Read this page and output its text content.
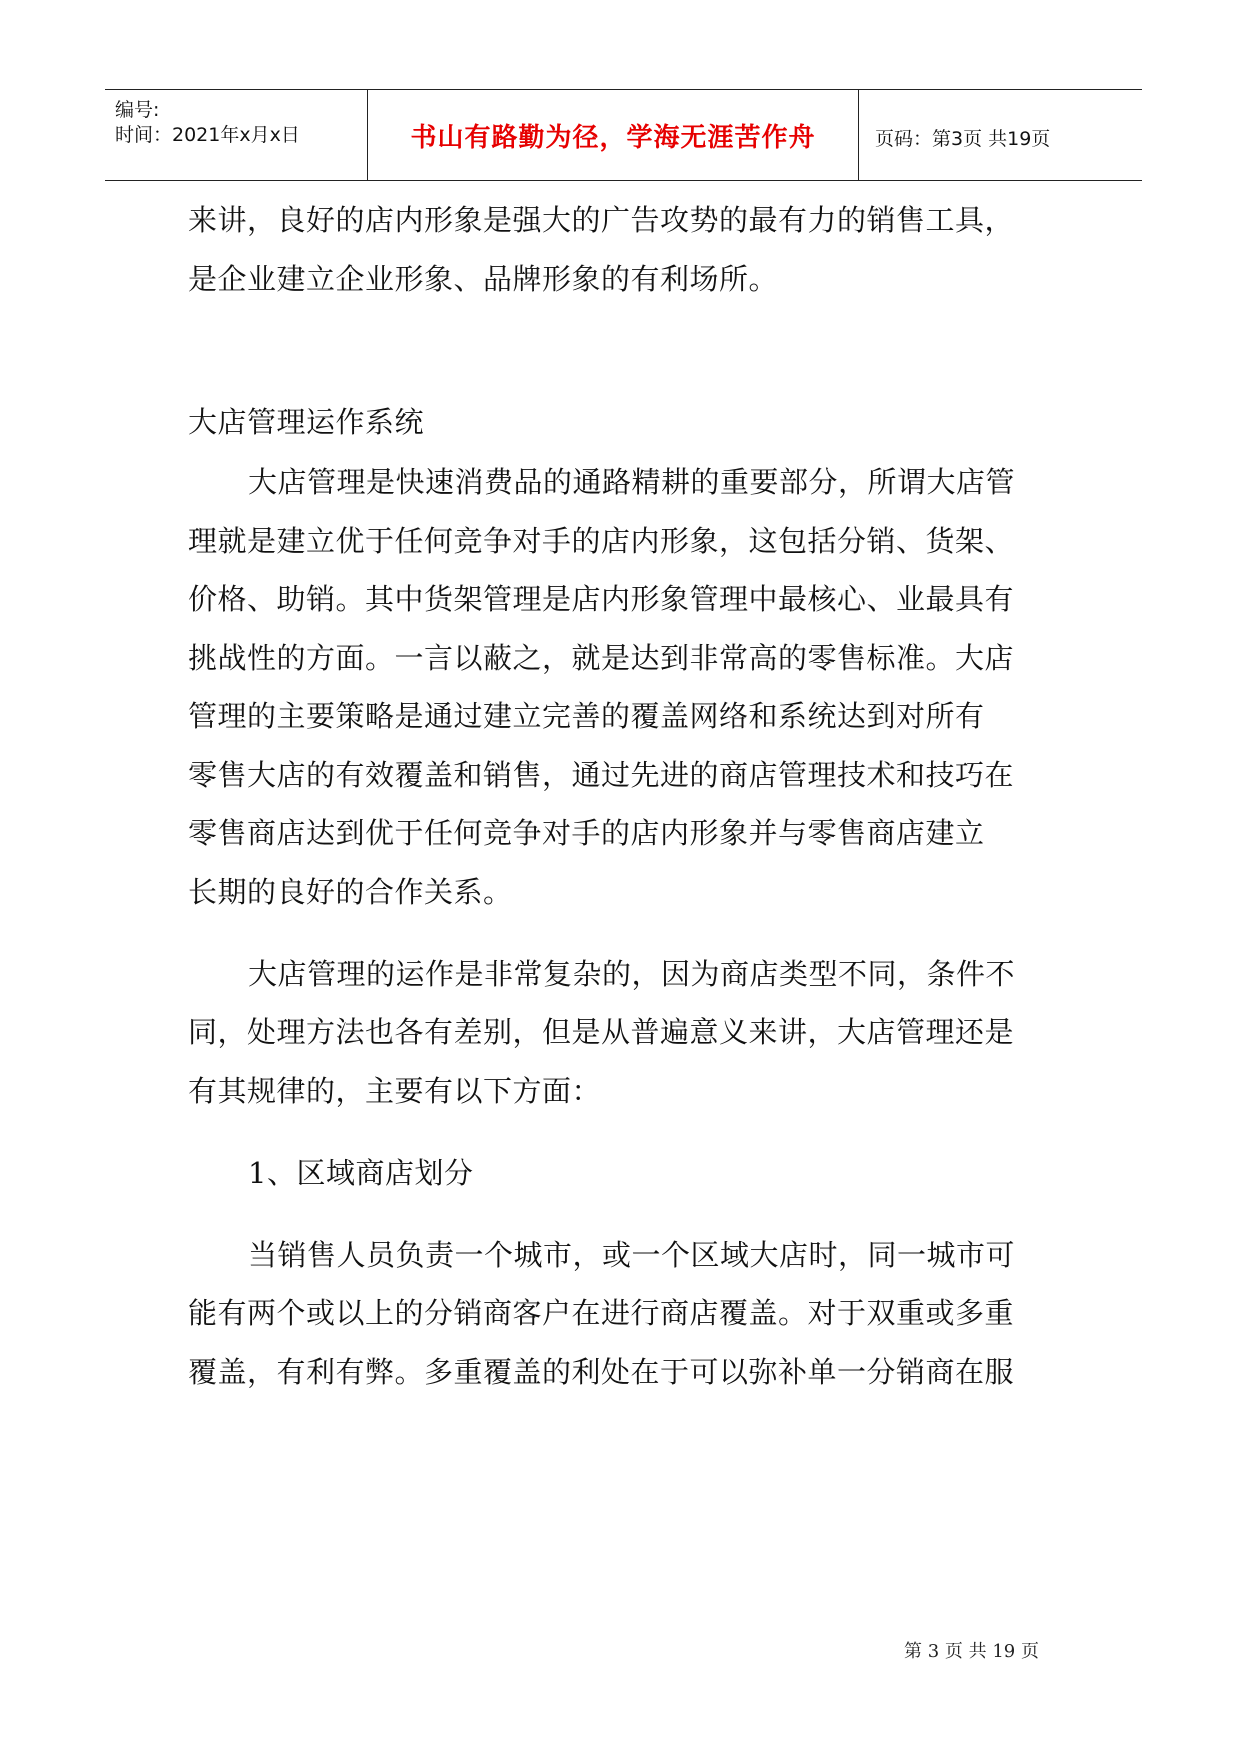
编号:
时间：2021年x月x日	书山有路勤为径，学海无涯苦作舟	页码：第3页 共19页
来讲，良好的店内形象是强大的广告攻势的最有力的销售工具，
是企业建立企业形象、品牌形象的有利场所。
大店管理运作系统
大店管理是快速消费品的通路精耕的重要部分，所谓大店管
理就是建立优于任何竞争对手的店内形象，这包括分销、货架、
价格、助销。其中货架管理是店内形象管理中最核心、业最具有
挑战性的方面。一言以蔽之，就是达到非常高的零售标准。大店
管理的主要策略是通过建立完善的覆盖网络和系统达到对所有
零售大店的有效覆盖和销售，通过先进的商店管理技术和技巧在
零售商店达到优于任何竞争对手的店内形象并与零售商店建立
长期的良好的合作关系。
大店管理的运作是非常复杂的，因为商店类型不同，条件不
同，处理方法也各有差别，但是从普遍意义来讲，大店管理还是
有其规律的，主要有以下方面：
1、区域商店划分
当销售人员负责一个城市，或一个区域大店时，同一城市可
能有两个或以上的分销商客户在进行商店覆盖。对于双重或多重
覆盖，有利有弊。多重覆盖的利处在于可以弥补单一分销商在服
第 3 页 共 19 页
